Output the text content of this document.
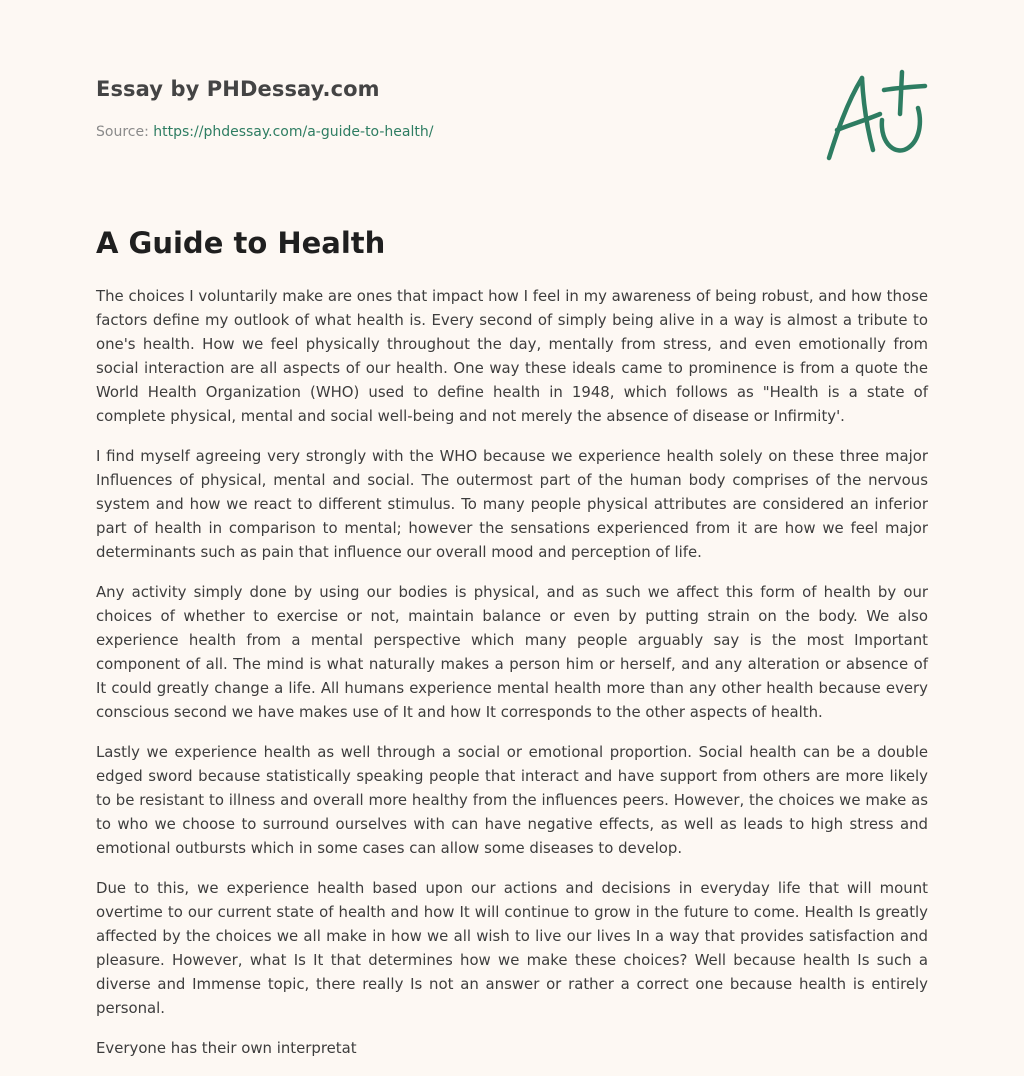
Essay by PHDessay.com
Source: https://phdessay.com/a-guide-to-health/
A Guide to Health

The choices I voluntarily make are ones that impact how I feel in my awareness of being robust, and how those factors define my outlook of what health is. Every second of simply being alive in a way is almost a tribute to one's health. How we feel physically throughout the day, mentally from stress, and even emotionally from social interaction are all aspects of our health. One way these ideals came to prominence is from a quote the World Health Organization (WHO) used to define health in 1948, which follows as "Health is a state of complete physical, mental and social well-being and not merely the absence of disease or Infirmity'.

I find myself agreeing very strongly with the WHO because we experience health solely on these three major Influences of physical, mental and social. The outermost part of the human body comprises of the nervous system and how we react to different stimulus. To many people physical attributes are considered an inferior part of health in comparison to mental; however the sensations experienced from it are how we feel major determinants such as pain that influence our overall mood and perception of life.

Any activity simply done by using our bodies is physical, and as such we affect this form of health by our choices of whether to exercise or not, maintain balance or even by putting strain on the body. We also experience health from a mental perspective which many people arguably say is the most Important component of all. The mind is what naturally makes a person him or herself, and any alteration or absence of It could greatly change a life. All humans experience mental health more than any other health because every conscious second we have makes use of It and how It corresponds to the other aspects of health.

Lastly we experience health as well through a social or emotional proportion. Social health can be a double edged sword because statistically speaking people that interact and have support from others are more likely to be resistant to illness and overall more healthy from the influences peers. However, the choices we make as to who we choose to surround ourselves with can have negative effects, as well as leads to high stress and emotional outbursts which in some cases can allow some diseases to develop.

Due to this, we experience health based upon our actions and decisions in everyday life that will mount overtime to our current state of health and how It will continue to grow in the future to come. Health Is greatly affected by the choices we all make in how we all wish to live our lives In a way that provides satisfaction and pleasure. However, what Is It that determines how we make these choices? Well because health Is such a diverse and Immense topic, there really Is not an answer or rather a correct one because health is entirely personal.

Everyone has their own interpretat
